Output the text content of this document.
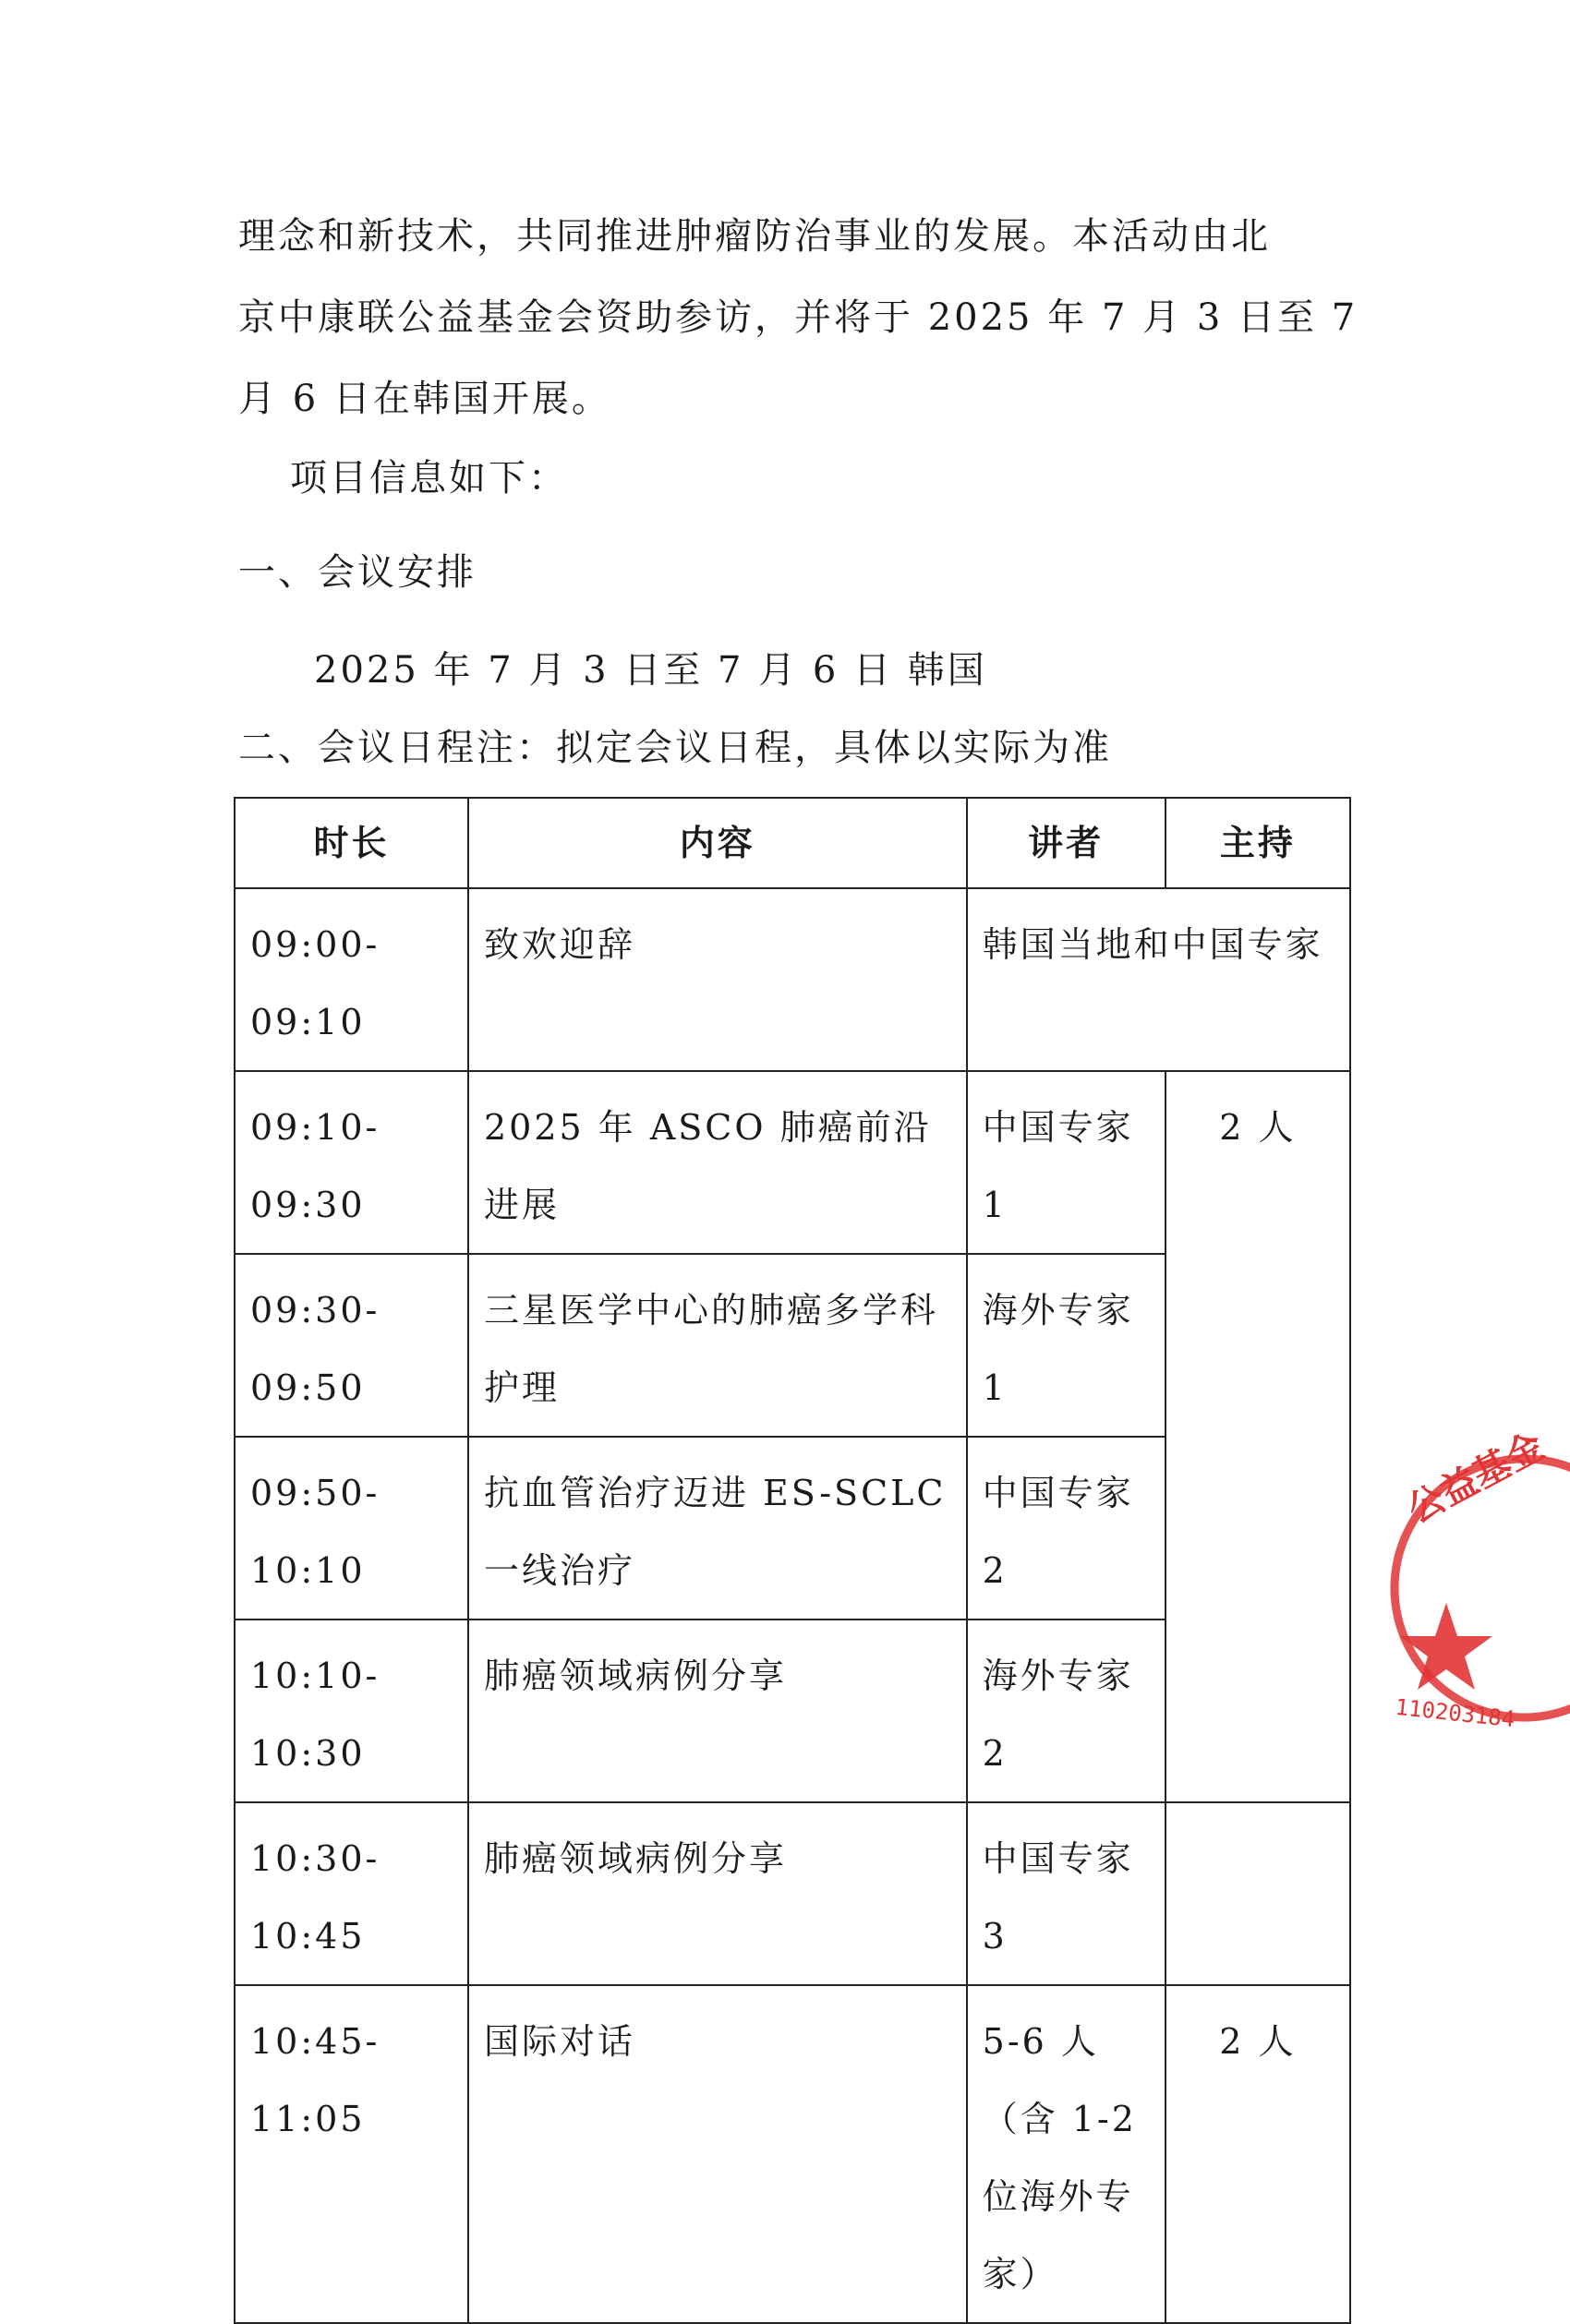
理念和新技术，共同推进肿瘤防治事业的发展。本活动由北
京中康联公益基金会资助参访，并将于 2025 年 7 月 3 日至 7
月 6 日在韩国开展。

项目信息如下：

一、会议安排

2025 年 7 月 3 日至 7 月 6 日 韩国

二、会议日程注：拟定会议日程，具体以实际为准

时长	内容	讲者	主持
09:00-09:10	致欢迎辞	韩国当地和中国专家	
09:10-09:30	2025 年 ASCO 肺癌前沿进展	中国专家 1	2 人
09:30-09:50	三星医学中心的肺癌多学科护理	海外专家 1	
09:50-10:10	抗血管治疗迈进 ES-SCLC 一线治疗	中国专家 2	
10:10-10:30	肺癌领域病例分享	海外专家 2	
10:30-10:45	肺癌领域病例分享	中国专家 3	
10:45-11:05	国际对话	5-6 人（含 1-2 位海外专家）	2 人
公益基金
110203184
